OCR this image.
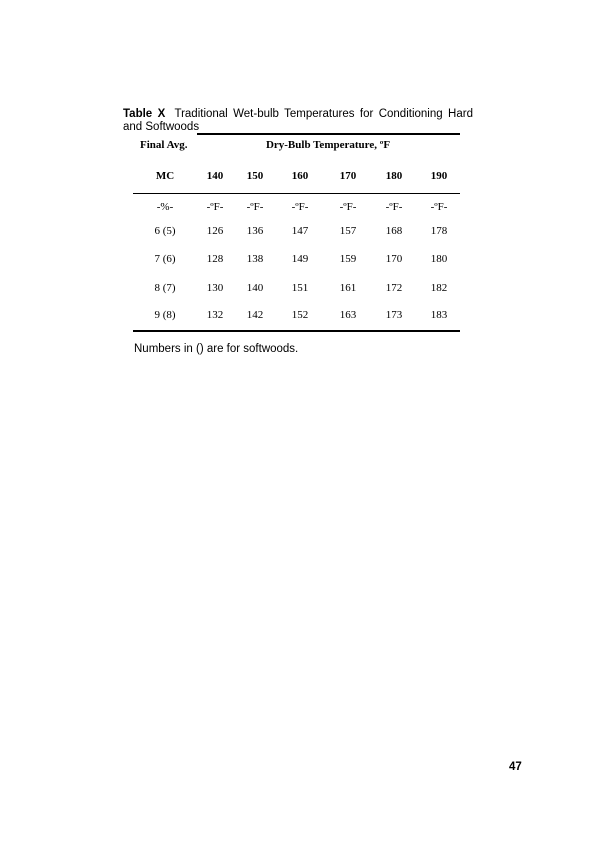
Table X Traditional Wet-bulb Temperatures for Conditioning Hard and Softwoods
Final Avg.	Dry-Bulb Temperature, ºF
MC	140 150	160	170	180	190
-%-	-ºF- -ºF-	-ºF-	-ºF-	-ºF-	-ºF-
6 (5)	126 136	147	157	168	178
7 (6)	128 138	149	159	170	180
8 (7)	130 140	151	161	172	182
9 (8)	132 142	152	163	173	183
Numbers in () are for softwoods.
47
